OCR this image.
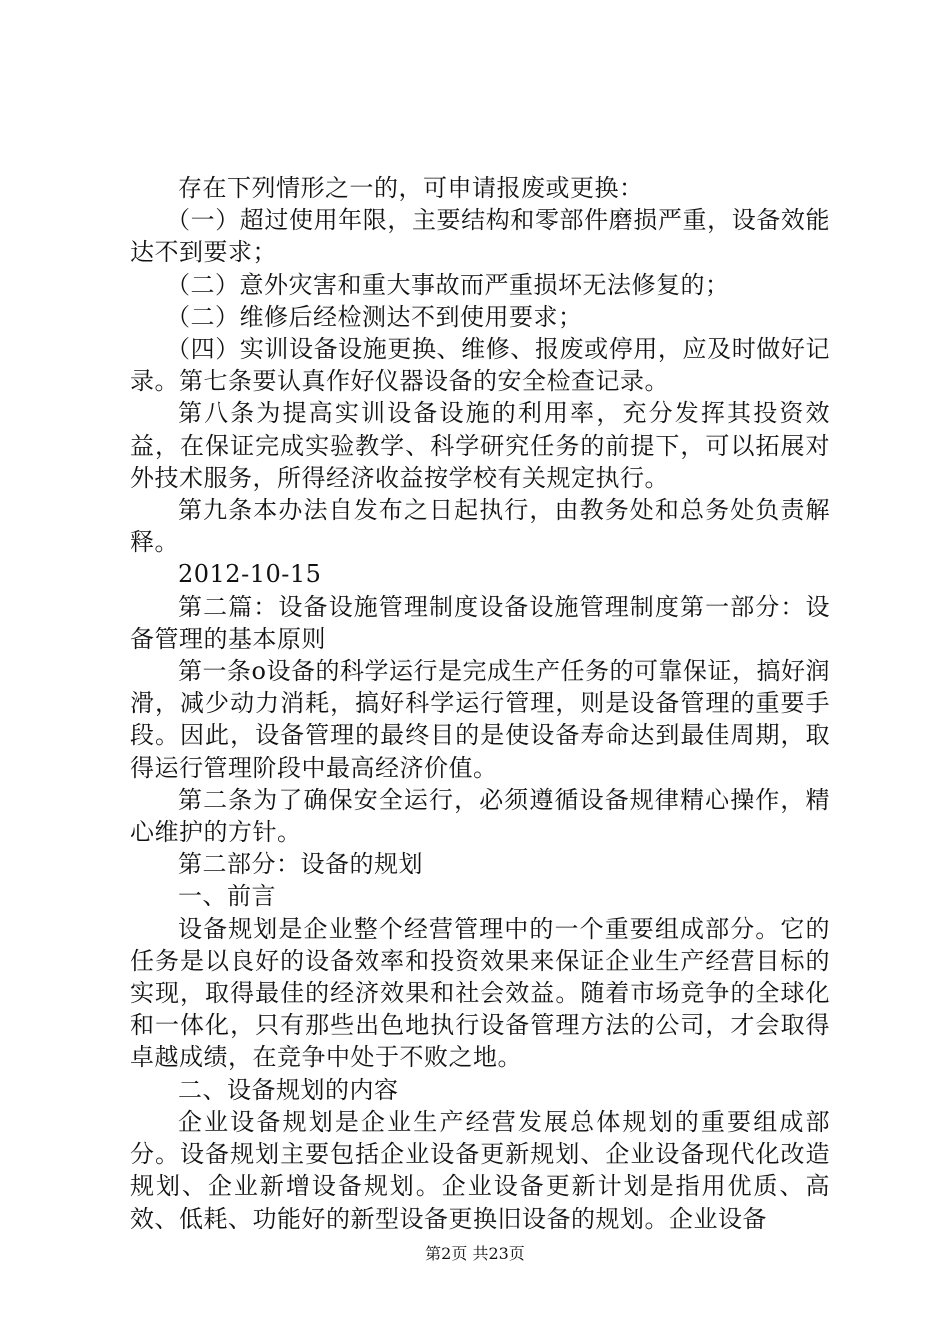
存在下列情形之一的，可申请报废或更换：

（一）超过使用年限，主要结构和零部件磨损严重，设备效能达不到要求；

（二）意外灾害和重大事故而严重损坏无法修复的；

（二）维修后经检测达不到使用要求；

（四）实训设备设施更换、维修、报废或停用，应及时做好记录。第七条要认真作好仪器设备的安全检查记录。

第八条为提高实训设备设施的利用率，充分发挥其投资效益，在保证完成实验教学、科学研究任务的前提下，可以拓展对外技术服务，所得经济收益按学校有关规定执行。

第九条本办法自发布之日起执行，由教务处和总务处负责解释。

2012-10-15

第二篇：设备设施管理制度设备设施管理制度第一部分：设备管理的基本原则

第一条o设备的科学运行是完成生产任务的可靠保证，搞好润滑，减少动力消耗，搞好科学运行管理，则是设备管理的重要手段。因此，设备管理的最终目的是使设备寿命达到最佳周期，取得运行管理阶段中最高经济价值。

第二条为了确保安全运行，必须遵循设备规律精心操作，精心维护的方针。

第二部分：设备的规划

一、前言

设备规划是企业整个经营管理中的一个重要组成部分。它的任务是以良好的设备效率和投资效果来保证企业生产经营目标的实现，取得最佳的经济效果和社会效益。随着市场竞争的全球化和一体化，只有那些出色地执行设备管理方法的公司，才会取得卓越成绩，在竞争中处于不败之地。

二、设备规划的内容

企业设备规划是企业生产经营发展总体规划的重要组成部分。设备规划主要包括企业设备更新规划、企业设备现代化改造规划、企业新增设备规划。企业设备更新计划是指用优质、高效、低耗、功能好的新型设备更换旧设备的规划。企业设备

第2页 共23页
